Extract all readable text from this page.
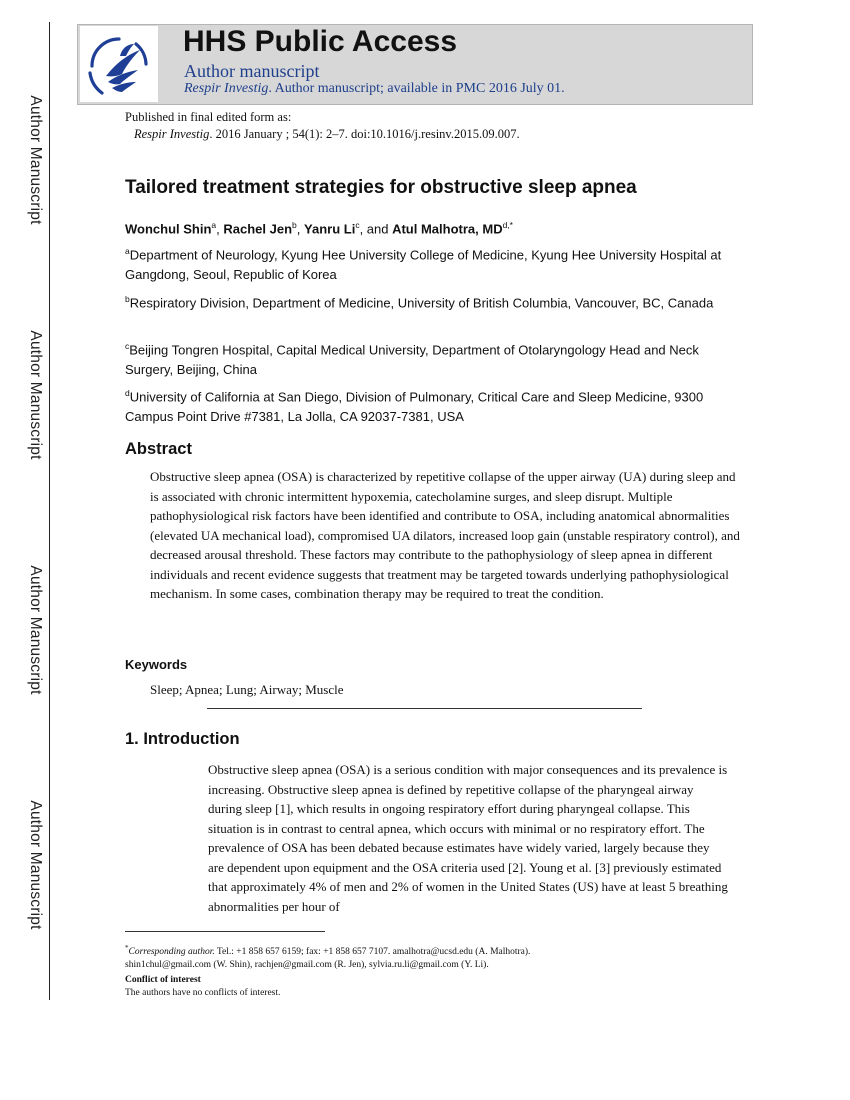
Author Manuscript
Author Manuscript
Author Manuscript
Author Manuscript
HHS Public Access
Author manuscript
Respir Investig. Author manuscript; available in PMC 2016 July 01.
Published in final edited form as:
Respir Investig. 2016 January ; 54(1): 2–7. doi:10.1016/j.resinv.2015.09.007.
Tailored treatment strategies for obstructive sleep apnea
Wonchul Shin$^a$, Rachel Jen$^b$, Yanru Li$^c$, and Atul Malhotra, $MD^{d,*}$
$^a$Department of Neurology, Kyung Hee University College of Medicine, Kyung Hee University Hospital at Gangdong, Seoul, Republic of Korea
$^b$Respiratory Division, Department of Medicine, University of British Columbia, Vancouver, BC, Canada
$^c$Beijing Tongren Hospital, Capital Medical University, Department of Otolaryngology Head and Neck Surgery, Beijing, China
$^d$University of California at San Diego, Division of Pulmonary, Critical Care and Sleep Medicine, 9300 Campus Point Drive #7381, La Jolla, CA 92037-7381, USA
Abstract
Obstructive sleep apnea (OSA) is characterized by repetitive collapse of the upper airway (UA) during sleep and is associated with chronic intermittent hypoxemia, catecholamine surges, and sleep disrupt. Multiple pathophysiological risk factors have been identified and contribute to OSA, including anatomical abnormalities (elevated UA mechanical load), compromised UA dilators, increased loop gain (unstable respiratory control), and decreased arousal threshold. These factors may contribute to the pathophysiology of sleep apnea in different individuals and recent evidence suggests that treatment may be targeted towards underlying pathophysiological mechanism. In some cases, combination therapy may be required to treat the condition.
Keywords
Sleep; Apnea; Lung; Airway; Muscle
1. Introduction
Obstructive sleep apnea (OSA) is a serious condition with major consequences and its prevalence is increasing. Obstructive sleep apnea is defined by repetitive collapse of the pharyngeal airway during sleep [1], which results in ongoing respiratory effort during pharyngeal collapse. This situation is in contrast to central apnea, which occurs with minimal or no respiratory effort. The prevalence of OSA has been debated because estimates have widely varied, largely because they are dependent upon equipment and the OSA criteria used [2]. Young et al. [3] previously estimated that approximately 4% of men and 2% of women in the United States (US) have at least 5 breathing abnormalities per hour of
*Corresponding author. Tel.: +1 858 657 6159; fax: +1 858 657 7107. amalhotra@ucsd.edu (A. Malhotra).
shin1chul@gmail.com (W. Shin), rachjen@gmail.com (R. Jen), sylvia.ru.li@gmail.com (Y. Li).
Conflict of interest
The authors have no conflicts of interest.
